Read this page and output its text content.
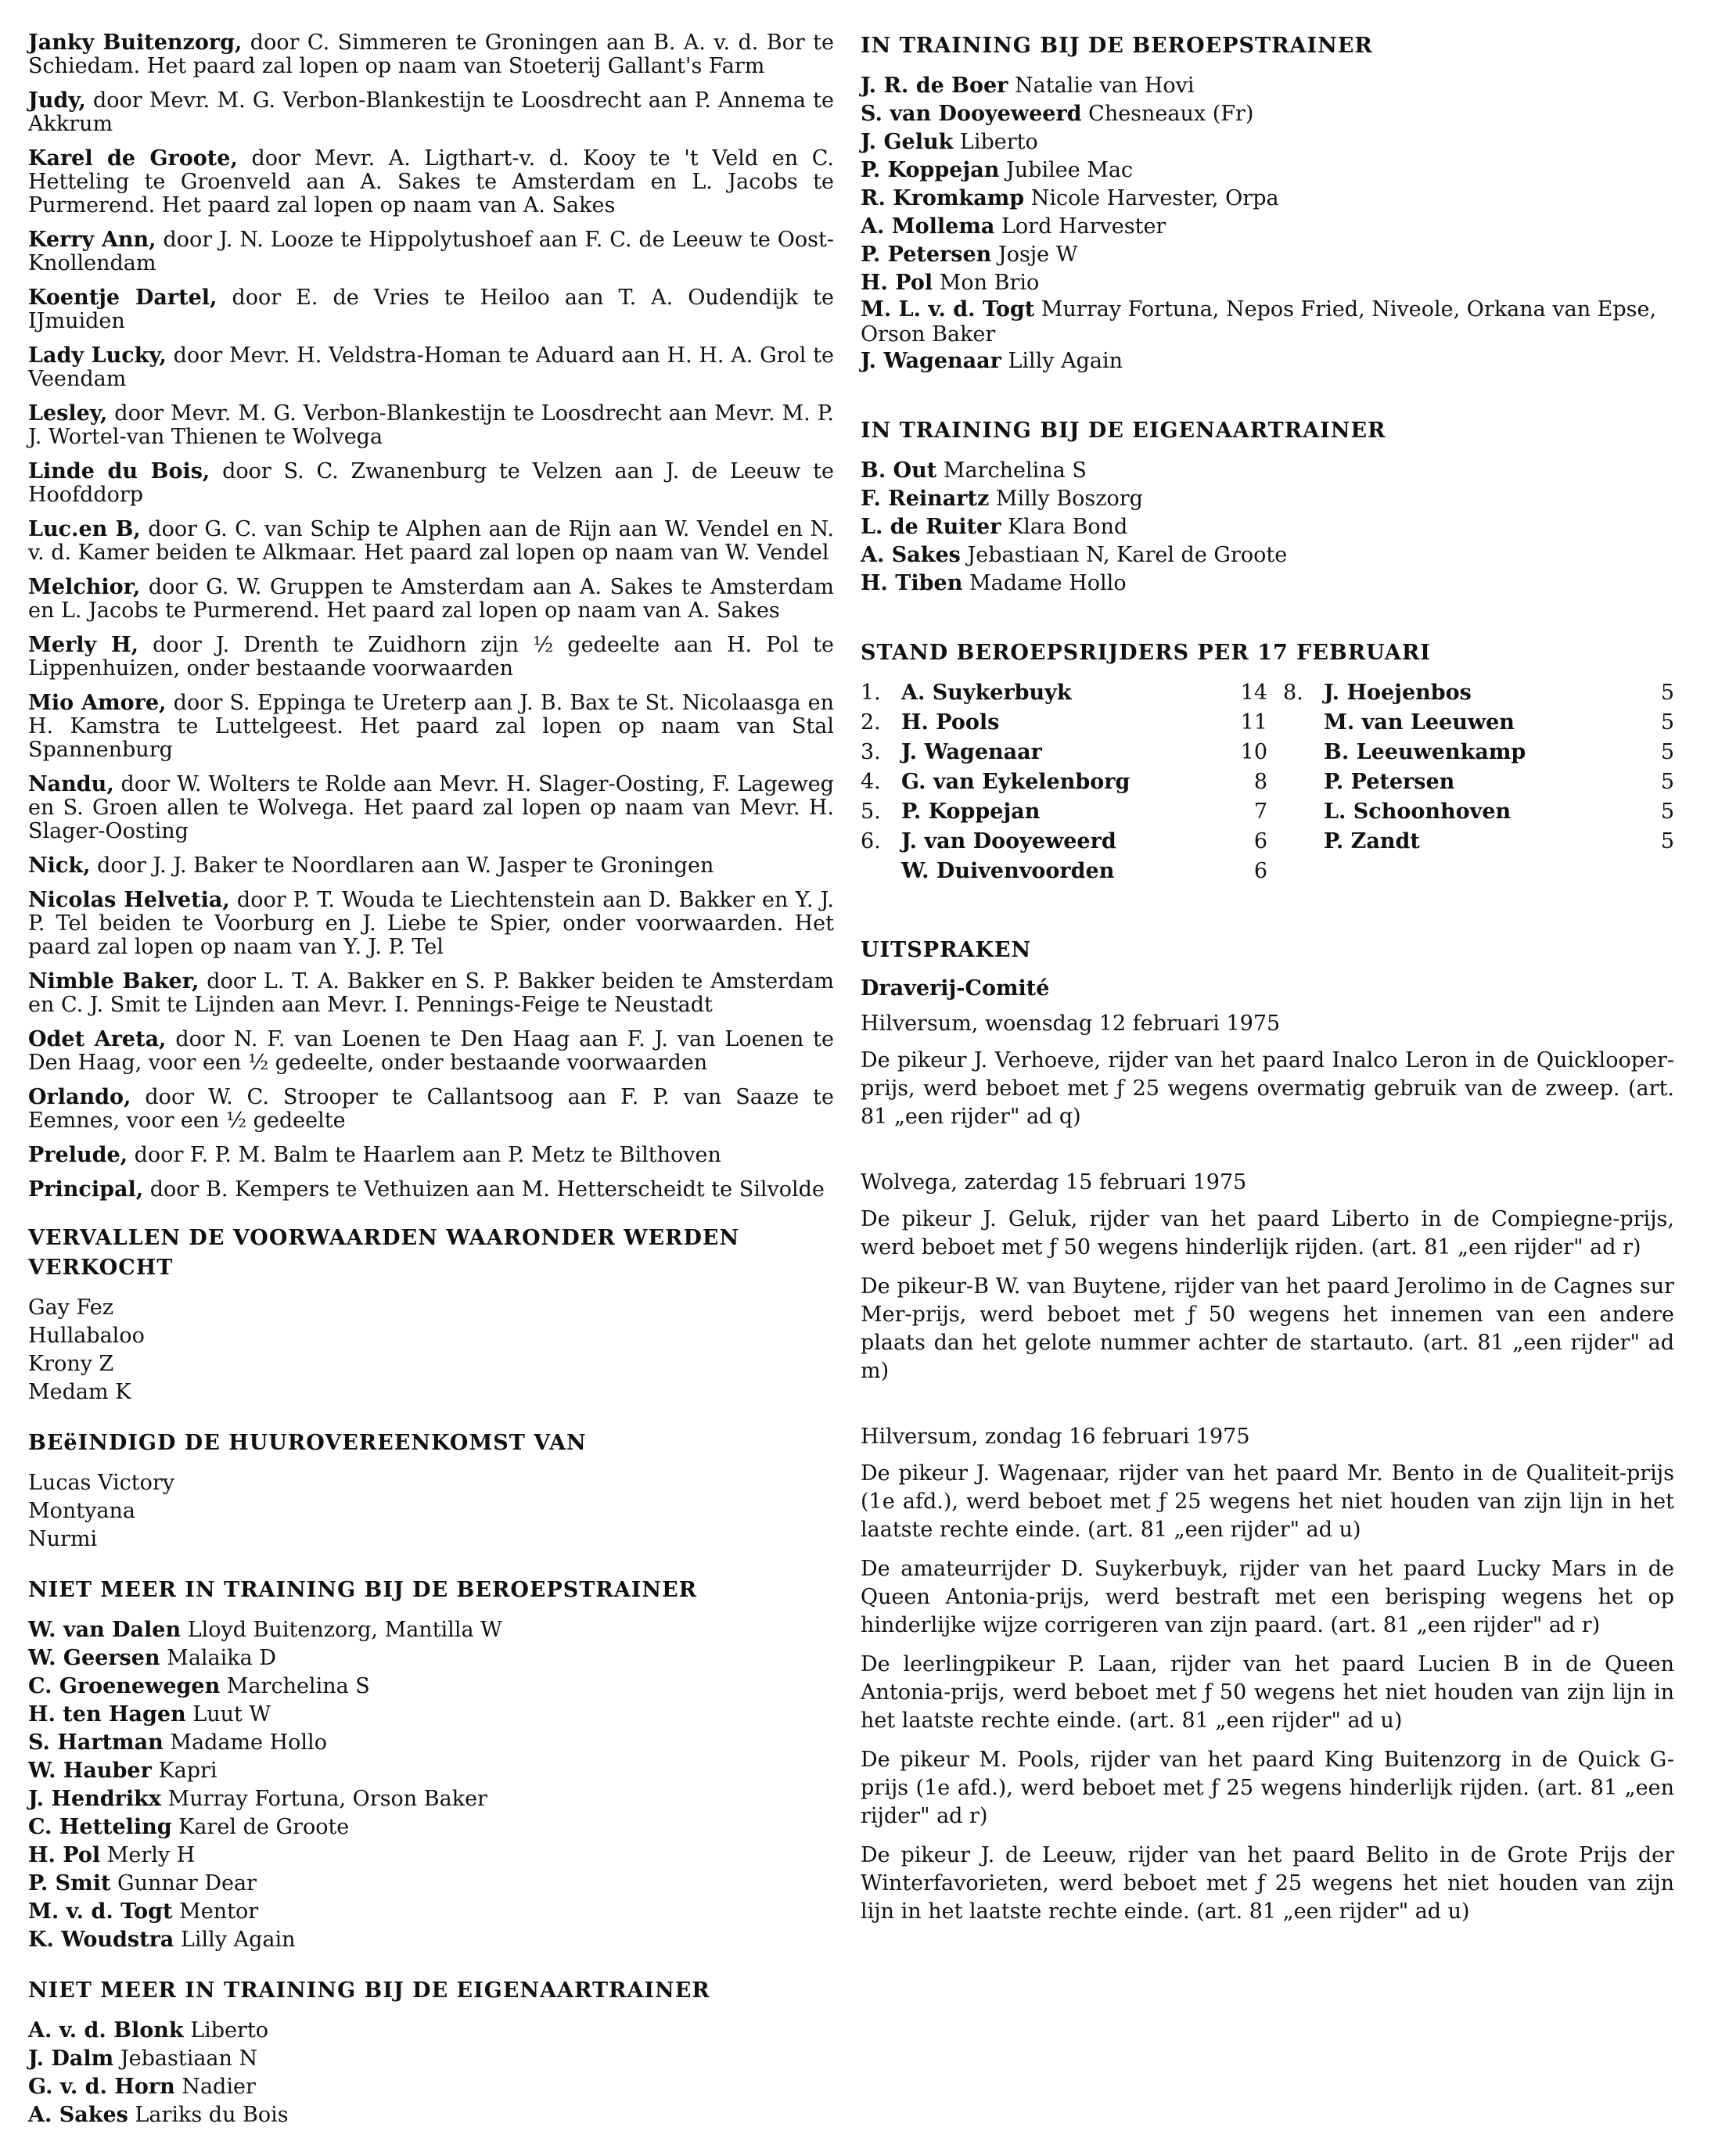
Janky Buitenzorg, door C. Simmeren te Groningen aan B. A. v. d. Bor te Schiedam. Het paard zal lopen op naam van Stoeterij Gallant's Farm

Judy, door Mevr. M. G. Verbon-Blankestijn te Loosdrecht aan P. Annema te Akkrum

Karel de Groote, door Mevr. A. Ligthart-v. d. Kooy te 't Veld en C. Hetteling te Groenveld aan A. Sakes te Amsterdam en L. Jacobs te Purmerend. Het paard zal lopen op naam van A. Sakes

Kerry Ann, door J. N. Looze te Hippolytushoef aan F. C. de Leeuw te Oost-Knollendam

Koentje Dartel, door E. de Vries te Heiloo aan T. A. Oudendijk te IJmuiden

Lady Lucky, door Mevr. H. Veldstra-Homan te Aduard aan H. H. A. Grol te Veendam

Lesley, door Mevr. M. G. Verbon-Blankestijn te Loosdrecht aan Mevr. M. P. J. Wortel-van Thienen te Wolvega

Linde du Bois, door S. C. Zwanenburg te Velzen aan J. de Leeuw te Hoofddorp

Luc.en B, door G. C. van Schip te Alphen aan de Rijn aan W. Vendel en N. v. d. Kamer beiden te Alkmaar. Het paard zal lopen op naam van W. Vendel

Melchior, door G. W. Gruppen te Amsterdam aan A. Sakes te Amsterdam en L. Jacobs te Purmerend. Het paard zal lopen op naam van A. Sakes

Merly H, door J. Drenth te Zuidhorn zijn ½ gedeelte aan H. Pol te Lippenhuizen, onder bestaande voorwaarden

Mio Amore, door S. Eppinga te Ureterp aan J. B. Bax te St. Nicolaasga en H. Kamstra te Luttelgeest. Het paard zal lopen op naam van Stal Spannenburg

Nandu, door W. Wolters te Rolde aan Mevr. H. Slager-Oosting, F. Lageweg en S. Groen allen te Wolvega. Het paard zal lopen op naam van Mevr. H. Slager-Oosting

Nick, door J. J. Baker te Noordlaren aan W. Jasper te Groningen

Nicolas Helvetia, door P. T. Wouda te Liechtenstein aan D. Bakker en Y. J. P. Tel beiden te Voorburg en J. Liebe te Spier, onder voorwaarden. Het paard zal lopen op naam van Y. J. P. Tel

Nimble Baker, door L. T. A. Bakker en S. P. Bakker beiden te Amsterdam en C. J. Smit te Lijnden aan Mevr. I. Pennings-Feige te Neustadt

Odet Areta, door N. F. van Loenen te Den Haag aan F. J. van Loenen te Den Haag, voor een ½ gedeelte, onder bestaande voorwaarden

Orlando, door W. C. Strooper te Callantsoog aan F. P. van Saaze te Eemnes, voor een ½ gedeelte

Prelude, door F. P. M. Balm te Haarlem aan P. Metz te Bilthoven

Principal, door B. Kempers te Vethuizen aan M. Hetterscheidt te Silvolde

VERVALLEN DE VOORWAARDEN WAARONDER WERDEN VERKOCHT

Gay Fez

Hullabaloo

Krony Z

Medam K

BEëINDIGD DE HUUROVEREENKOMST VAN

Lucas Victory

Montyana

Nurmi

NIET MEER IN TRAINING BIJ DE BEROEPSTRAINER

W. van Dalen Lloyd Buitenzorg, Mantilla W

W. Geersen Malaika D

C. Groenewegen Marchelina S

H. ten Hagen Luut W

S. Hartman Madame Hollo

W. Hauber Kapri

J. Hendrikx Murray Fortuna, Orson Baker

C. Hetteling Karel de Groote

H. Pol Merly H

P. Smit Gunnar Dear

M. v. d. Togt Mentor

K. Woudstra Lilly Again

NIET MEER IN TRAINING BIJ DE EIGENAARTRAINER

A. v. d. Blonk Liberto

J. Dalm Jebastiaan N

G. v. d. Horn Nadier

A. Sakes Lariks du Bois

IN TRAINING BIJ DE BEROEPSTRAINER

J. R. de Boer Natalie van Hovi

S. van Dooyeweerd Chesneaux (Fr)

J. Geluk Liberto

P. Koppejan Jubilee Mac

R. Kromkamp Nicole Harvester, Orpa

A. Mollema Lord Harvester

P. Petersen Josje W

H. Pol Mon Brio

M. L. v. d. Togt Murray Fortuna, Nepos Fried, Niveole, Orkana van Epse, Orson Baker

J. Wagenaar Lilly Again

IN TRAINING BIJ DE EIGENAARTRAINER

B. Out Marchelina S

F. Reinartz Milly Boszorg

L. de Ruiter Klara Bond

A. Sakes Jebastiaan N, Karel de Groote

H. Tiben Madame Hollo

STAND BEROEPSRIJDERS PER 17 FEBRUARI
1. A. Suykerbuyk	14
2. H. Pools	11
3. J. Wagenaar	10
4. G. van Eykelenborg	8
5. P. Koppejan	7
6. J. van Dooyeweerd	6
W. Duivenvoorden	6
8. J. Hoejenbos	5
M. van Leeuwen	5
B. Leeuwenkamp	5
P. Petersen	5
L. Schoonhoven	5
P. Zandt	5
UITSPRAKEN
Draverij-Comité
Hilversum, woensdag 12 februari 1975

De pikeur J. Verhoeve, rijder van het paard Inalco Leron in de Quicklooper-prijs, werd beboet met ƒ 25 wegens overmatig gebruik van de zweep. (art. 81 „een rijder" ad q)

Wolvega, zaterdag 15 februari 1975

De pikeur J. Geluk, rijder van het paard Liberto in de Compiegne-prijs, werd beboet met ƒ 50 wegens hinderlijk rijden. (art. 81 „een rijder" ad r)

De pikeur-B W. van Buytene, rijder van het paard Jerolimo in de Cagnes sur Mer-prijs, werd beboet met ƒ 50 wegens het innemen van een andere plaats dan het gelote nummer achter de startauto. (art. 81 „een rijder" ad m)

Hilversum, zondag 16 februari 1975

De pikeur J. Wagenaar, rijder van het paard Mr. Bento in de Qualiteit-prijs (1e afd.), werd beboet met ƒ 25 wegens het niet houden van zijn lijn in het laatste rechte einde. (art. 81 „een rijder" ad u)

De amateurrijder D. Suykerbuyk, rijder van het paard Lucky Mars in de Queen Antonia-prijs, werd bestraft met een berisping wegens het op hinderlijke wijze corrigeren van zijn paard. (art. 81 „een rijder" ad r)

De leerlingpikeur P. Laan, rijder van het paard Lucien B in de Queen Antonia-prijs, werd beboet met ƒ 50 wegens het niet houden van zijn lijn in het laatste rechte einde. (art. 81 „een rijder" ad u)

De pikeur M. Pools, rijder van het paard King Buitenzorg in de Quick G-prijs (1e afd.), werd beboet met ƒ 25 wegens hinderlijk rijden. (art. 81 „een rijder" ad r)

De pikeur J. de Leeuw, rijder van het paard Belito in de Grote Prijs der Winterfavorieten, werd beboet met ƒ 25 wegens het niet houden van zijn lijn in het laatste rechte einde. (art. 81 „een rijder" ad u)
